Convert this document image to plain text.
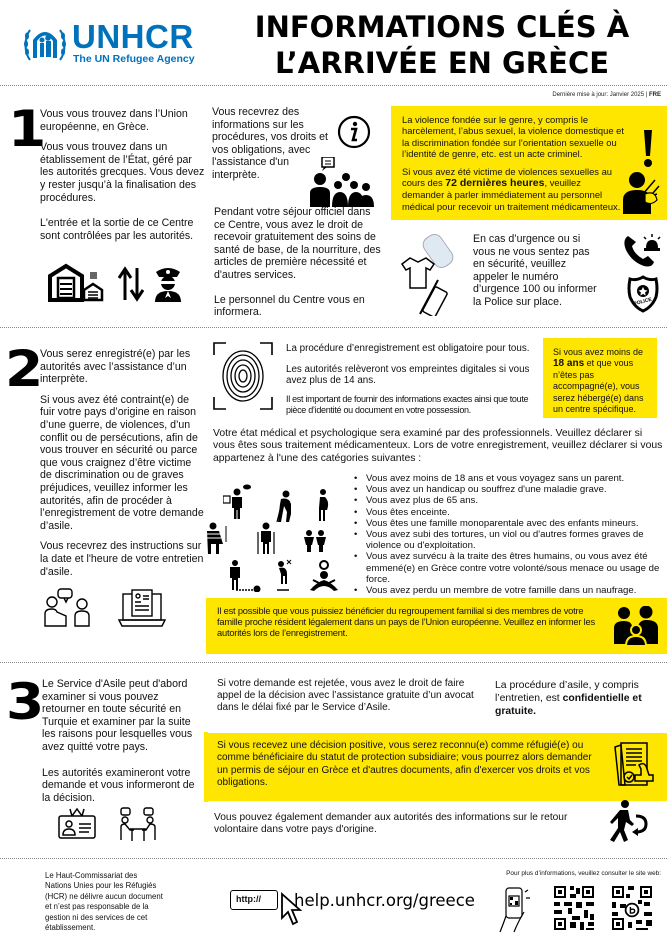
UNHCR
The UN Refugee Agency
INFORMATIONS CLÉS À
L’ARRIVÉE EN GRÈCE
Dernière mise à jour: Janvier 2025 | FRE
1

Vous vous trouvez dans l’Union européenne, en Grèce.

Vous vous trouvez dans un établissement de l’État, géré par les autorités grecques. Vous devez y rester jusqu’à la finalisation des procédures.

L'entrée et la sortie de ce Centre sont contrôlées par les autorités.

Vous recevrez des informations sur les procédures, vos droits et vos obligations, avec l'assistance d'un interprète.

Pendant votre séjour officiel dans ce Centre, vous avez le droit de recevoir gratuitement des soins de santé de base, de la nourriture, des articles de première nécessité et d'autres services.

Le personnel du Centre vous en informera.

La violence fondée sur le genre, y compris le harcèlement, l’abus sexuel, la violence domestique et la discrimination fondée sur l’orientation sexuelle ou l’identité de genre, etc. est un acte criminel.

Si vous avez été victime de violences sexuelles au cours des 72 dernières heures, veuillez demander à parler immédiatement au personnel médical pour recevoir un traitement médicamenteux.

En cas d’urgence ou si vous ne vous sentez pas en sécurité, veuillez appeler le numéro d’urgence 100 ou informer la Police sur place.	POLICE
2

Vous serez enregistré(e) par les autorités avec l’assistance d’un interprète.

Si vous avez été contraint(e) de fuir votre pays d’origine en raison d’une guerre, de violences, d’un conflit ou de persécutions, afin de vous trouver en sécurité ou parce que vous craignez d’être victime de discrimination ou de graves préjudices, veuillez informer les autorités, afin de procéder à l’enregistrement de votre demande d’asile.

Vous recevrez des instructions sur la date et l'heure de votre entretien d'asile.

La procédure d’enregistrement est obligatoire pour tous.

Les autorités relèveront vos empreintes digitales si vous avez plus de 14 ans.

Il est important de fournir des informations exactes ainsi que toute pièce d’identité ou document en votre possession.

Si vous avez moins de 18 ans et que vous n’êtes pas accompagné(e), vous serez hébergé(e) dans un centre spécifique.

Votre état médical et psychologique sera examiné par des professionnels. Veuillez déclarer si vous êtes sous traitement médicamenteux. Lors de votre enregistrement, veuillez déclarer si vous appartenez à l'une des catégories suivantes :
• Vous avez moins de 18 ans et vous voyagez sans un parent.
• Vous avez un handicap ou souffrez d'une maladie grave.
• Vous avez plus de 65 ans.
• Vous êtes enceinte.
• Vous êtes une famille monoparentale avec des enfants mineurs.
• Vous avez subi des tortures, un viol ou d'autres formes graves de violence ou d'exploitation.
• Vous avez survécu à la traite des êtres humains, ou vous avez été emmené(e) en Grèce contre votre volonté/sous menace ou usage de force.
• Vous avez perdu un membre de votre famille dans un naufrage.

Il est possible que vous puissiez bénéficier du regroupement familial si des membres de votre famille proche résident légalement dans un pays de l’Union européenne. Veuillez en informer les autorités lors de l’enregistrement.

3

Le Service d'Asile peut d'abord examiner si vous pouvez retourner en toute sécurité en Turquie et examiner par la suite les raisons pour lesquelles vous avez quitté votre pays.

Les autorités examineront votre demande et vous informeront de la décision.

Si votre demande est rejetée, vous avez le droit de faire appel de la décision avec l’assistance gratuite d’un avocat dans le délai fixé par le Service d’Asile.
La procédure d’asile, y compris l’entretien, est confidentielle et gratuite.

Si vous recevez une décision positive, vous serez reconnu(e) comme réfugié(e) ou comme bénéficiaire du statut de protection subsidiaire; vous pourrez alors demander un permis de séjour en Grèce et d'autres documents, afin d'exercer vos droits et vos obligations.

Vous pouvez également demander aux autorités des informations sur le retour volontaire dans votre pays d'origine.
Le Haut-Commissariat des Nations Unies pour les Réfugiés (HCR) ne délivre aucun document et n’est pas responsable de la gestion ni des services de cet établissement.
http://	help.unhcr.org/greece
Pour plus d’informations, veuillez consulter le site web:
